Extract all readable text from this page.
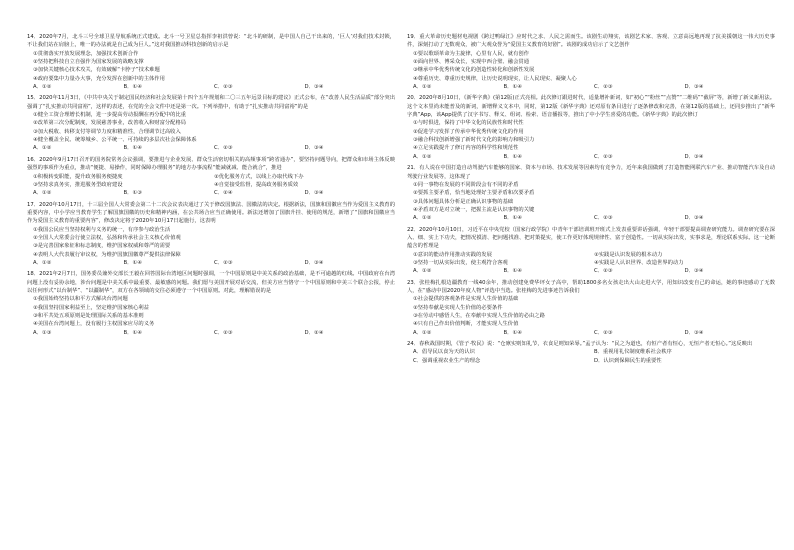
14．2020年7月，北斗三号全球卫星导航系统正式建成。北斗一号卫星总指挥李祖洪曾说：“北斗的研制，是中国人自己干出来的，‘巨人’对我们技术封锁，不让我们站在肩膀上，唯一的办法就是自己成为巨人。”这对我国推动科技创新的启示是

①贯彻落实开放发展理念，加强技术创新合作

②坚持把科技自立自强作为国家发展的战略支撑

③加快关键核心技术攻关，有效破解“卡脖子”技术难题

④政府要集中力量办大事，充分发挥在创新中的主体作用

A．①②	B．①④	C．②③	D．③④

15．2020年11月3日，《中共中央关于制定国民经济和社会发展第十四个五年规划和二〇三五年远景目标的建议》正式公布，在“改善人民生活品质”部分突出强调了“扎实推动共同富裕”，这样的表述，在党的全会文件中还是第一次。下列举措中，有助于“扎实推动共同富裕”的是

①健全工资合理增长机制，进一步提高劳动报酬在再分配中的比重

②改革第三次分配制度，发展慈善事业，改善收入和财富分配格局

③加大税收、转移支付等调节力度和精准性，合理调节过高收入

④健全覆盖全民、统筹城乡、公平统一、可持续的多层次社会保障体系

A．①②	B．①④	C．②③	D．③④

16．2020年9月17日召开的国务院常务会议强调，要推进与企业发展、群众生活密切相关的高频事项“跨省通办”，要坚持问题导向，把群众和市场主体反映强烈的事项作为重点，推动“便捷、易操作，同时保障办理服务”的地方办事流程“能减就减、能合就合”，推进

①积极转变职能，提升政务服务便捷度	②优化服务方式，以线上办取代线下办
③坚持求真务实，推进服务型政府建设	④自觉接受监督，提高政务服务质效
A．①②	B．①③	C．②④	D．③④

17．2020年10月17日，十三届全国人大常委会第二十二次会议表决通过了关于修改国旗法、国徽法的决定。根据新法，国旗和国徽应当作为爱国主义教育的重要内容，中小学应当教育学生了解国旗国徽的历史和精神内涵，在公共场合应当正确使用。新法还增加了国旗升挂、使用的规范，新增了“国旗和国徽应当作为爱国主义教育的重要内容”，修改决定将于2020年10月17日起施行，这表明

①我国公民应当坚持权利与义务的统一，有序参与政治生活

②全国人大常委会行使立法权，弘扬和传承社会主义核心价值观

③是完善国家象征和标志制度，维护国家权威和尊严的需要

④表明人大代表履行审议权，为维护国旗国徽尊严提供法律保障

A．①②	B．①④	C．②③	D．③④

18．2021年2月7日，国务委员兼外交部长王毅在回答国际台湾地区问题时强调，一个中国原则是中美关系的政治基础，是不可逾越的红线。中国政府在台湾问题上没有妥协余地，涉台问题是中美关系中最重要、最敏感的问题。我们愿与美国开展对话交流，但美方应当恪守一个中国原则和中美三个联合公报，停止以任何形式“以台制华”、“以疆制华”，双方在各领域的交往必须遵守一个中国原则。对此，理解错误的是

①我国始终坚持以和平方式解决台湾问题

②我国坚持国家利益至上，坚定维护国家核心利益

③和平共处五项原则是处理国际关系的基本准则

④美国在台湾问题上，没有履行主权国家应尽的义务

A．①③	B．①④	C．②③	D．②④

19．重大革命历史题材电视剧《跨过鸭绿江》应时代之求、人民之需而生。该剧生动翔实，该剧艺术家、客观、立意高远地再现了抗美援朝这一伟大历史事件，深刻打动了无数观众，被广大观众誉为“爱国主义教育的好剧”。该剧的成功启示了文艺创作

①要以歌颂革命为主旋律，心里有人民，就有创作

②面向世界、博采众长，实现中西合璧、融会贯通

③继承中华优秀传统文化的创造性转化和创新性发展

④尊重历史、尊重历史规律，让历史说明现实，让人民现实、凝聚人心

A．①②	B．①④	C．②③	D．③④

20．2020年8月10日，《新华字典》(第12版)正式亮相。此次修订跟进时代，适量增补新词，如“初心”“粉丝”“点赞”“二维码”“截屏”等，新增了新义新用法。这个文本里尚未能普及的新词，新增释义文本中，同时，第12版《新华字典》还对原有条目进行了逐条修改和完善，在第12版的基础上，还同步推出了“新华字典”App，该App提供了汉字书写、释义、组词、检索、语音播报等，推出了中小学生喜爱的功能。《新华字典》的此次修订

①与时俱进，保持了中华文化的民族性和时代性

②促进学习发挥了传承中华优秀传统文化的作用

③融合科技创新增强了新时代文化的影响力和吸引力

④立足实践提升了修订内容的科学性和规范性

A．①②	B．①④	C．②③	D．③④

21．有人说在中国打造自动驾驶汽车能够的国家、资本与市场、技术发展等因素均有竞争力，近年来我国做到了打造智能网联汽车产业、推动智能汽车及自动驾驶行业发展等，这体现了

①同一事物在发展的不同阶段会有不同的矛盾

②要抓主要矛盾，恰当地处理好主要矛盾和次要矛盾

③具体问题具体分析是正确认识事物的基础

④矛盾双方是对立统一，把握主流是认识事物的关键

A．①②	B．①④	C．②③	D．③④

22．2020年10月10日，习近平在中央党校（国家行政学院）中青年干部培训班开班式上发表重要讲话强调，年轻干部要提高调查研究能力。调查研究要在深入、细、实上下功夫，把情况摸清、把问题找准、把对策提实，使工作更好体现规律性、富于创造性。一切从实际出发，实事求是，理论联系实际。这一论断蕴含的哲理是

①意识的能动作用推动实践的发展	②实践是认识发展的根本动力
③坚持一切从实际出发，使主观符合客观	④实践是人认识世界、改造世界的动力
A．①②	B．①④	C．②③	D．③④

23．张桂梅扎根边疆教育一线40余年，推动创建免费华坪女子高中，帮助1800多名女孩走出大山走进大学，用知识改变自己的命运，她的事迹感动了无数人，在“感动中国2020年度人物”评选中当选。张桂梅的先进事迹告诉我们

①社会提供的客观条件是实现人生价值的基础

②坚持奉献是实现人生价值的必要条件

③在劳动中感悟人生，在奉献中实现人生价值的必由之路

④只有自己作出价值判断，才能实现人生价值

A．①②	B．①④	C．②③	D．③④

24．春秋战国时期，《管子·牧民》说：“仓廪实则知礼节，衣食足则知荣辱。”孟子认为：“民之为道也，有恒产者有恒心，无恒产者无恒心。”这反映出

A．倡导民以食为天的认识	B．重视用礼仪制度维系社会秩序
C．强调重视农业生产的理念	D．认识到保障民生的重要性
